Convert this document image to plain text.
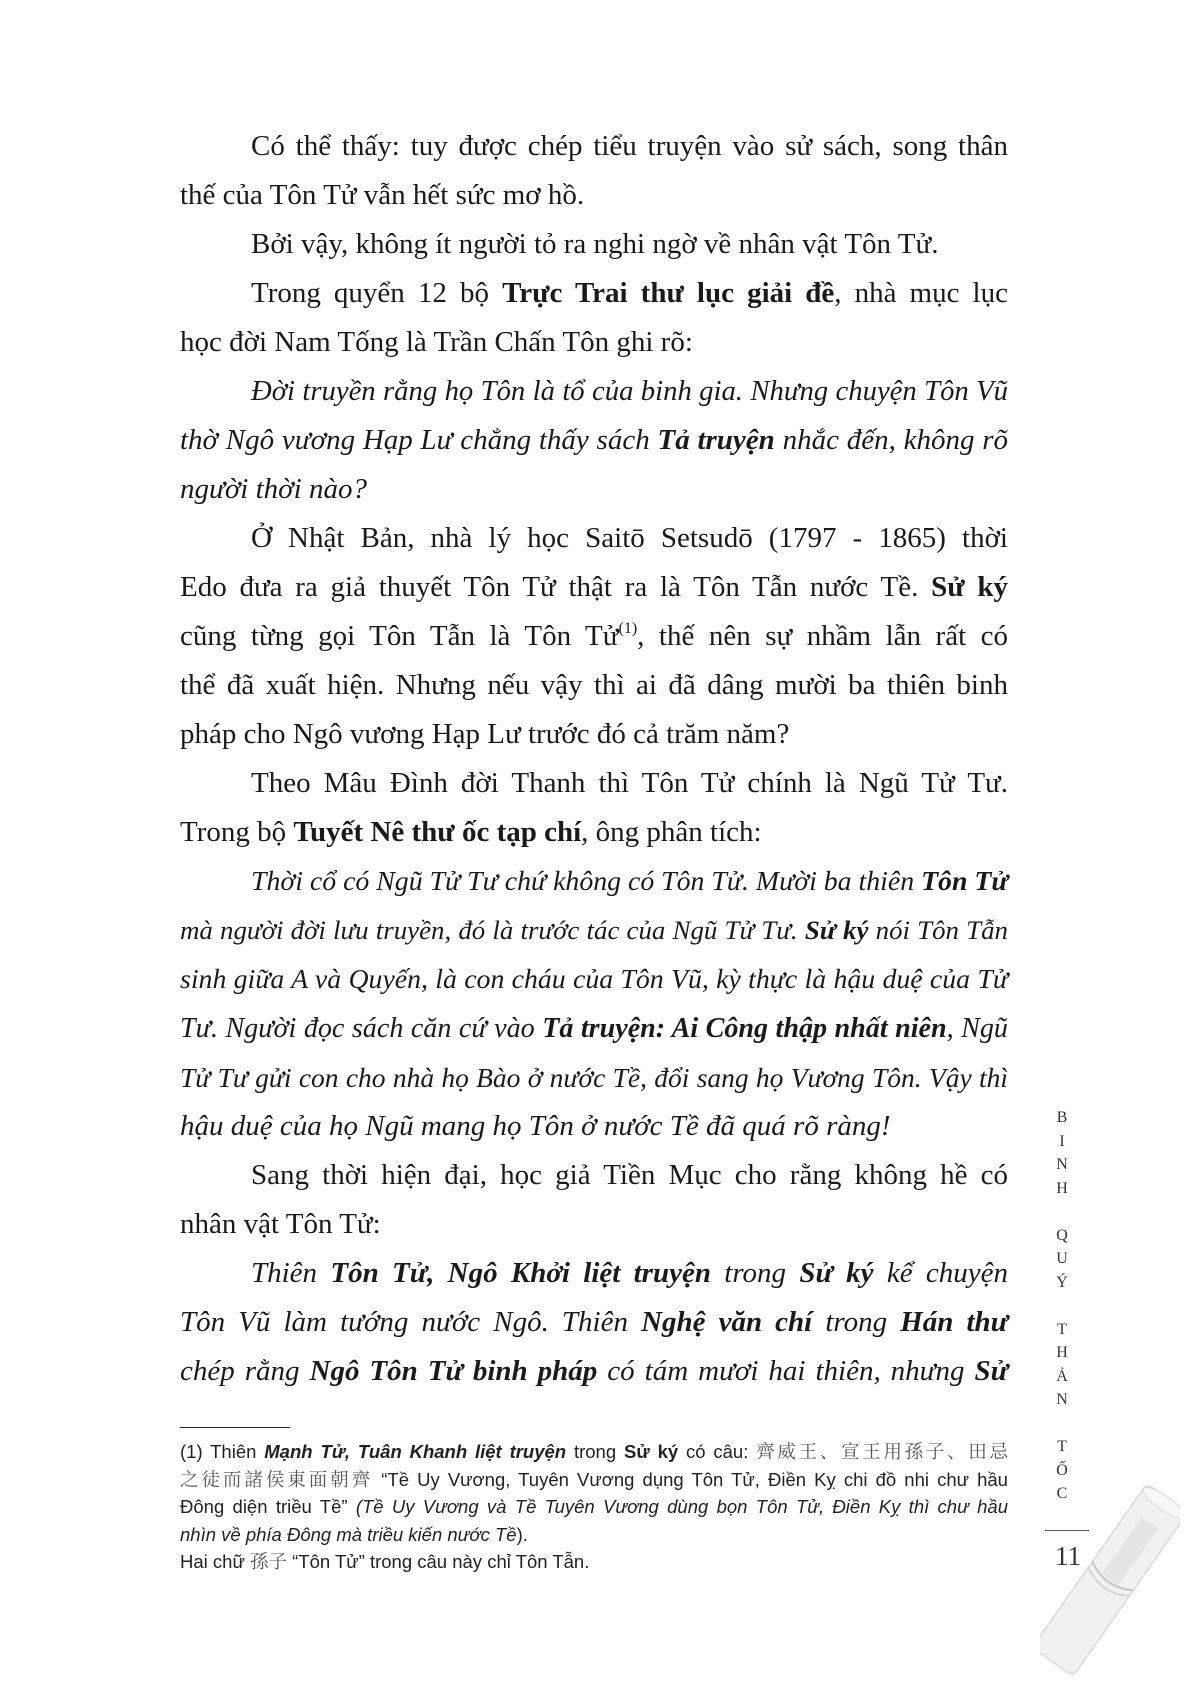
Có thể thấy: tuy được chép tiểu truyện vào sử sách, song thân
thế của Tôn Tử vẫn hết sức mơ hồ.
Bởi vậy, không ít người tỏ ra nghi ngờ về nhân vật Tôn Tử.
Trong quyển 12 bộ Trực Trai thư lục giải đề, nhà mục lục
học đời Nam Tống là Trần Chấn Tôn ghi rõ:
Đời truyền rằng họ Tôn là tổ của binh gia. Nhưng chuyện Tôn Vũ
thờ Ngô vương Hạp Lư chẳng thấy sách Tả truyện nhắc đến, không rõ
người thời nào?
Ở Nhật Bản, nhà lý học Saitō Setsudō (1797 - 1865) thời
Edo đưa ra giả thuyết Tôn Tử thật ra là Tôn Tẫn nước Tề. Sử ký
cũng từng gọi Tôn Tẫn là Tôn Tử$^{(1)}$, thế nên sự nhầm lẫn rất có
thể đã xuất hiện. Nhưng nếu vậy thì ai đã dâng mười ba thiên binh
pháp cho Ngô vương Hạp Lư trước đó cả trăm năm?
Theo Mâu Đình đời Thanh thì Tôn Tử chính là Ngũ Tử Tư.
Trong bộ Tuyết Nê thư ốc tạp chí, ông phân tích:
Thời cổ có Ngũ Tử Tư chứ không có Tôn Tử. Mười ba thiên Tôn Tử
mà người đời lưu truyền, đó là trước tác của Ngũ Tử Tư. Sử ký nói Tôn Tẫn
sinh giữa A và Quyến, là con cháu của Tôn Vũ, kỳ thực là hậu duệ của Tử
Tư. Người đọc sách căn cứ vào Tả truyện: Ai Công thập nhất niên, Ngũ
Tử Tư gửi con cho nhà họ Bào ở nước Tề, đổi sang họ Vương Tôn. Vậy thì
hậu duệ của họ Ngũ mang họ Tôn ở nước Tề đã quá rõ ràng!
Sang thời hiện đại, học giả Tiền Mục cho rằng không hề có
nhân vật Tôn Tử:
Thiên Tôn Tử, Ngô Khởi liệt truyện trong Sử ký kể chuyện
Tôn Vũ làm tướng nước Ngô. Thiên Nghệ văn chí trong Hán thư
chép rằng Ngô Tôn Tử binh pháp có tám mươi hai thiên, nhưng Sử
(1) Thiên Mạnh Tử, Tuân Khanh liệt truyện trong Sử ký có câu: 齊威王、宣王用孫子、田忌
之徒而諸侯東面朝齊 “Tề Uy Vương, Tuyên Vương dụng Tôn Tử, Điền Kỵ chi đồ nhi chư hầu
Đông diện triều Tề” (Tề Uy Vương và Tề Tuyên Vương dùng bọn Tôn Tử, Điền Kỵ thì chư hầu
nhìn về phía Đông mà triều kiến nước Tề).
Hai chữ 孫子 “Tôn Tử” trong câu này chỉ Tôn Tẫn.
B
I
N
H
Q
U
Ý
T
H
Ả
N
T
Ố
C
11
